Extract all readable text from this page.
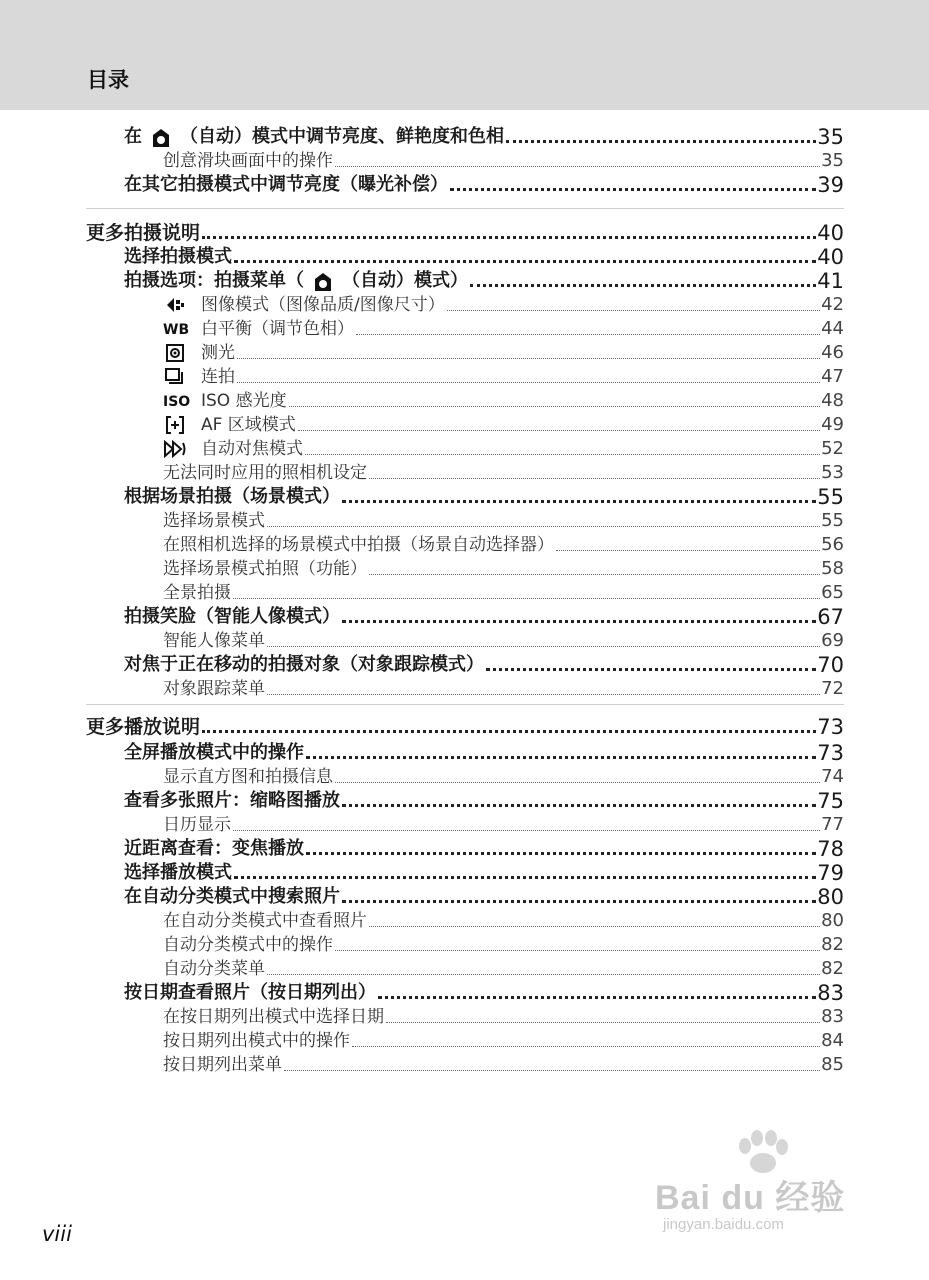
目录
在 （自动）模式中调节亮度、鲜艳度和色相	35
创意滑块画面中的操作	35
在其它拍摄模式中调节亮度（曝光补偿）	39
更多拍摄说明	40
选择拍摄模式	40
拍摄选项：拍摄菜单（ （自动）模式）	41
图像模式（图像品质/图像尺寸）	42
WB 白平衡（调节色相）	44
测光	46
连拍	47
ISO ISO 感光度	48
AF 区域模式	49
自动对焦模式	52
无法同时应用的照相机设定	53
根据场景拍摄（场景模式）	55
选择场景模式	55
在照相机选择的场景模式中拍摄（场景自动选择器）	56
选择场景模式拍照（功能）	58
全景拍摄	65
拍摄笑脸（智能人像模式）	67
智能人像菜单	69
对焦于正在移动的拍摄对象（对象跟踪模式）	70
对象跟踪菜单	72
更多播放说明	73
全屏播放模式中的操作	73
显示直方图和拍摄信息	74
查看多张照片：缩略图播放	75
日历显示	77
近距离查看：变焦播放	78
选择播放模式	79
在自动分类模式中搜索照片	80
在自动分类模式中查看照片	80
自动分类模式中的操作	82
自动分类菜单	82
按日期查看照片（按日期列出）	83
在按日期列出模式中选择日期	83
按日期列出模式中的操作	84
按日期列出菜单	85
Bai du 经验
jingyan.baidu.com
viii
